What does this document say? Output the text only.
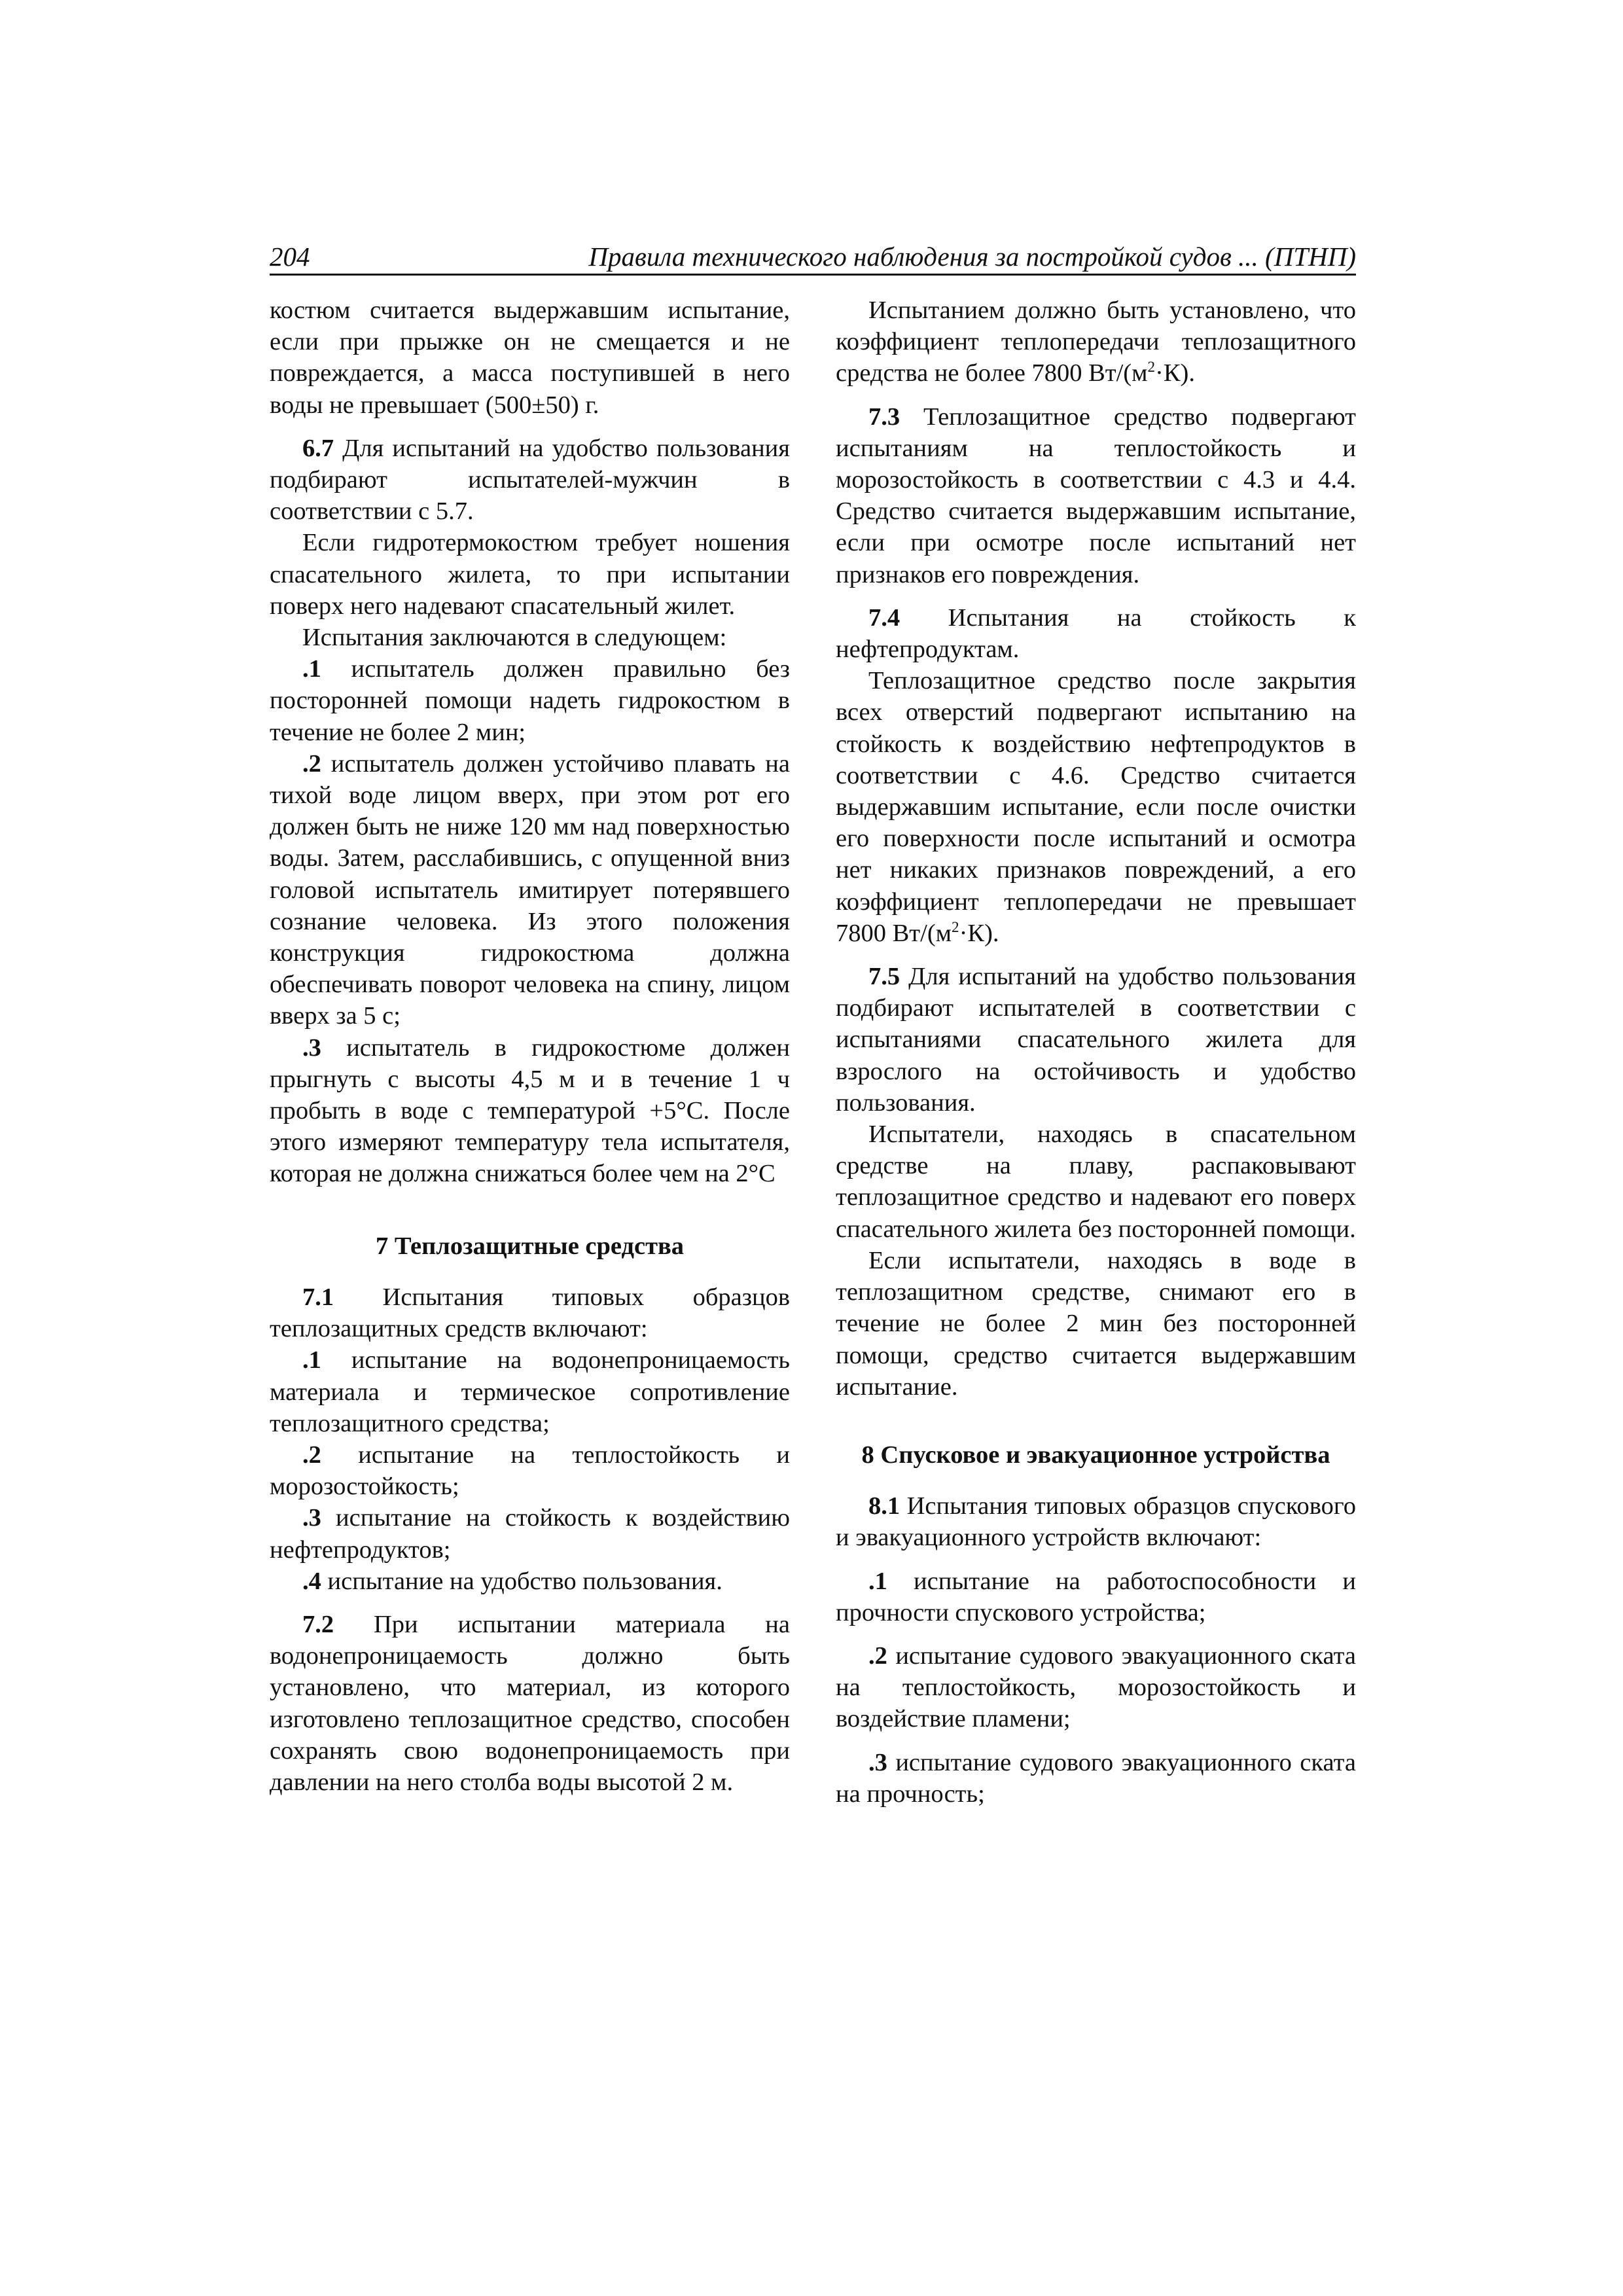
204	Правила технического наблюдения за постройкой судов ... (ПТНП)

костюм считается выдержавшим испытание, если при прыжке он не смещается и не повреждается, а масса поступившей в него воды не превышает (500±50) г.

6.7 Для испытаний на удобство пользования подбирают испытателей-мужчин в соответствии с 5.7.

Если гидротермокостюм требует ношения спасательного жилета, то при испытании поверх него надевают спасательный жилет.

Испытания заключаются в следующем:

.1 испытатель должен правильно без посторонней помощи надеть гидрокостюм в течение не более 2 мин;

.2 испытатель должен устойчиво плавать на тихой воде лицом вверх, при этом рот его должен быть не ниже 120 мм над поверхностью воды. Затем, расслабившись, с опущенной вниз головой испытатель имитирует потерявшего сознание человека. Из этого положения конструкция гидрокостюма должна обеспечивать поворот человека на спину, лицом вверх за 5 с;

.3 испытатель в гидрокостюме должен прыгнуть с высоты 4,5 м и в течение 1 ч пробыть в воде с температурой +5°С. После этого измеряют температуру тела испытателя, которая не должна снижаться более чем на 2°С

7 Теплозащитные средства

7.1 Испытания типовых образцов теплозащитных средств включают:

.1 испытание на водонепроницаемость материала и термическое сопротивление теплозащитного средства;

.2 испытание на теплостойкость и морозостойкость;

.3 испытание на стойкость к воздействию нефтепродуктов;

.4 испытание на удобство пользования.

7.2 При испытании материала на водонепроницаемость должно быть установлено, что материал, из которого изготовлено теплозащитное средство, способен сохранять свою водонепроницаемость при давлении на него столба воды высотой 2 м.

Испытанием должно быть установлено, что коэффициент теплопередачи теплозащитного средства не более 7800 $Вт/(м^2\cdot К)$.

7.3 Теплозащитное средство подвергают испытаниям на теплостойкость и морозостойкость в соответствии с 4.3 и 4.4. Средство считается выдержавшим испытание, если при осмотре после испытаний нет признаков его повреждения.

7.4 Испытания на стойкость к нефтепродуктам.

Теплозащитное средство после закрытия всех отверстий подвергают испытанию на стойкость к воздействию нефтепродуктов в соответствии с 4.6. Средство считается выдержавшим испытание, если после очистки его поверхности после испытаний и осмотра нет никаких признаков повреждений, а его коэффициент теплопередачи не превышает 7800 $Вт/(м^2\cdot К)$.

7.5 Для испытаний на удобство пользования подбирают испытателей в соответствии с испытаниями спасательного жилета для взрослого на остойчивость и удобство пользования.

Испытатели, находясь в спасательном средстве на плаву, распаковывают теплозащитное средство и надевают его поверх спасательного жилета без посторонней помощи.

Если испытатели, находясь в воде в теплозащитном средстве, снимают его в течение не более 2 мин без посторонней помощи, средство считается выдержавшим испытание.

8 Спусковое и эвакуационное устройства

8.1 Испытания типовых образцов спускового и эвакуационного устройств включают:

.1 испытание на работоспособности и прочности спускового устройства;

.2 испытание судового эвакуационного ската на теплостойкость, морозостойкость и воздействие пламени;

.3 испытание судового эвакуационного ската на прочность;
